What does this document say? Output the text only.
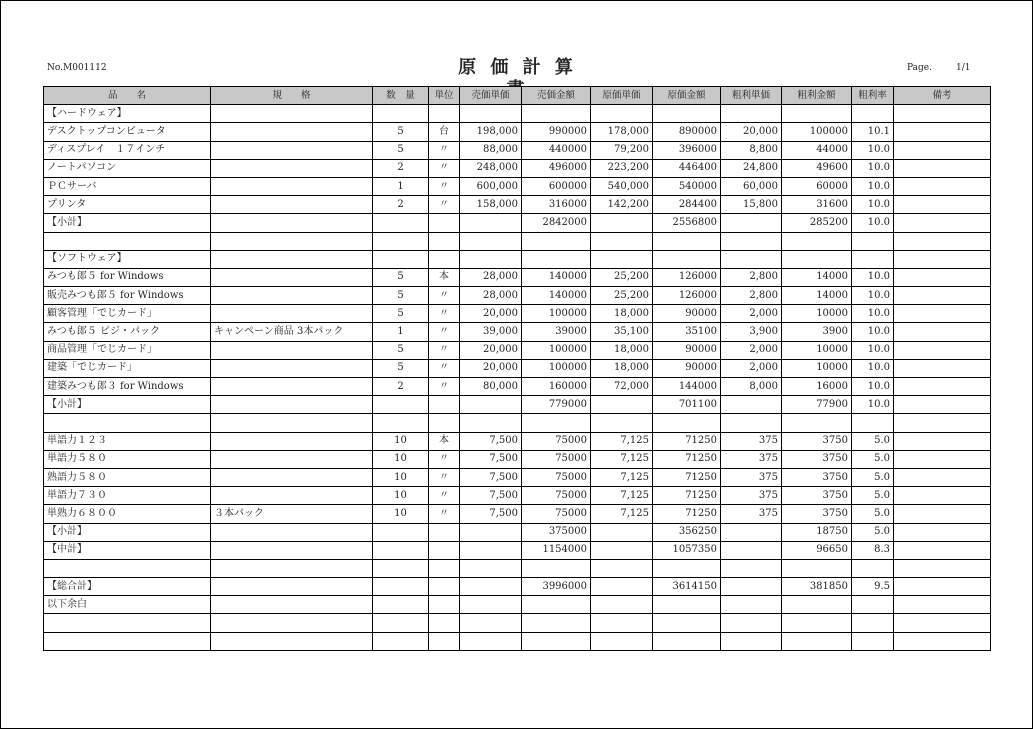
No.M001112	原 価 計 算	Page.	1/1
品　　名	規　　格	数　量	単位	売価単価	売価金額	原価単価	原価金額	粗利単価	粗利金額	粗利率	備考
【ハードウェア】											
デスクトップコンピュータ		5	台	198,000	990000	178,000	890000	20,000	100000	10.1	
ディスプレイ　１７インチ		5	〃	88,000	440000	79,200	396000	8,800	44000	10.0	
ノートパソコン		2	〃	248,000	496000	223,200	446400	24,800	49600	10.0	
ＰＣサーバ		1	〃	600,000	600000	540,000	540000	60,000	60000	10.0	
プリンタ		2	〃	158,000	316000	142,200	284400	15,800	31600	10.0	
【小計】					2842000		2556800		285200	10.0	

【ソフトウェア】											
みつも郎５ for Windows		5	本	28,000	140000	25,200	126000	2,800	14000	10.0	
販売みつも郎５ for Windows		5	〃	28,000	140000	25,200	126000	2,800	14000	10.0	
顧客管理「でじカード」		5	〃	20,000	100000	18,000	90000	2,000	10000	10.0	
みつも郎５ ビジ・パック	キャンペーン商品 3本パック	1	〃	39,000	39000	35,100	35100	3,900	3900	10.0	
商品管理「でじカード」		5	〃	20,000	100000	18,000	90000	2,000	10000	10.0	
建築「でじカード」		5	〃	20,000	100000	18,000	90000	2,000	10000	10.0	
建築みつも郎３ for Windows		2	〃	80,000	160000	72,000	144000	8,000	16000	10.0	
【小計】					779000		701100		77900	10.0	

単語力１２３		10	本	7,500	75000	7,125	71250	375	3750	5.0	
単語力５８０		10	〃	7,500	75000	7,125	71250	375	3750	5.0	
熟語力５８０		10	〃	7,500	75000	7,125	71250	375	3750	5.0	
単語力７３０		10	〃	7,500	75000	7,125	71250	375	3750	5.0	
単熟力６８００	３本パック	10	〃	7,500	75000	7,125	71250	375	3750	5.0	
【小計】					375000		356250		18750	5.0	
【中計】					1154000		1057350		96650	8.3	

【総合計】					3996000		3614150		381850	9.5	
以下余白											
